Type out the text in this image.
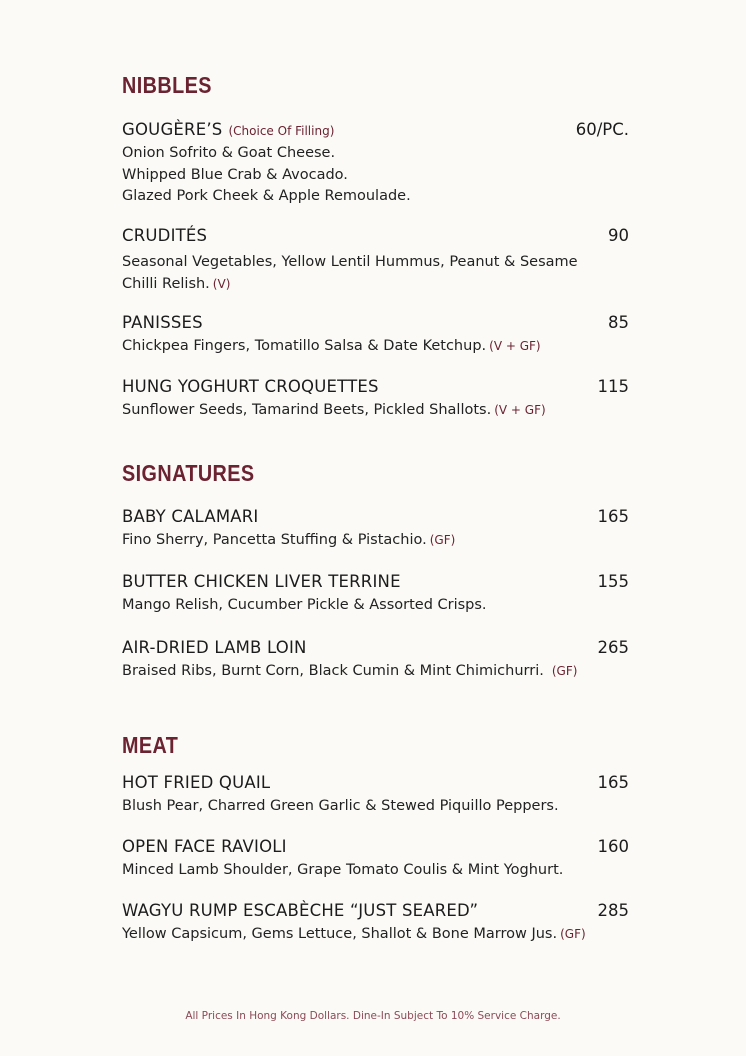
NIBBLES
GOUGÈRE’S (Choice Of Filling)	60/PC.
Onion Sofrito & Goat Cheese.
Whipped Blue Crab & Avocado.
Glazed Pork Cheek & Apple Remoulade.
CRUDITÉS	90
Seasonal Vegetables, Yellow Lentil Hummus, Peanut & Sesame
Chilli Relish. (V)
PANISSES	85
Chickpea Fingers, Tomatillo Salsa & Date Ketchup. (V + GF)
HUNG YOGHURT CROQUETTES	115
Sunflower Seeds, Tamarind Beets, Pickled Shallots. (V + GF)
SIGNATURES
BABY CALAMARI	165
Fino Sherry, Pancetta Stuffing & Pistachio. (GF)
BUTTER CHICKEN LIVER TERRINE	155
Mango Relish, Cucumber Pickle & Assorted Crisps.
AIR-DRIED LAMB LOIN	265
Braised Ribs, Burnt Corn, Black Cumin & Mint Chimichurri. (GF)
MEAT
HOT FRIED QUAIL	165
Blush Pear, Charred Green Garlic & Stewed Piquillo Peppers.
OPEN FACE RAVIOLI	160
Minced Lamb Shoulder, Grape Tomato Coulis & Mint Yoghurt.
WAGYU RUMP ESCABÈCHE “JUST SEARED”	285
Yellow Capsicum, Gems Lettuce, Shallot & Bone Marrow Jus. (GF)
All Prices In Hong Kong Dollars. Dine-In Subject To 10% Service Charge.
